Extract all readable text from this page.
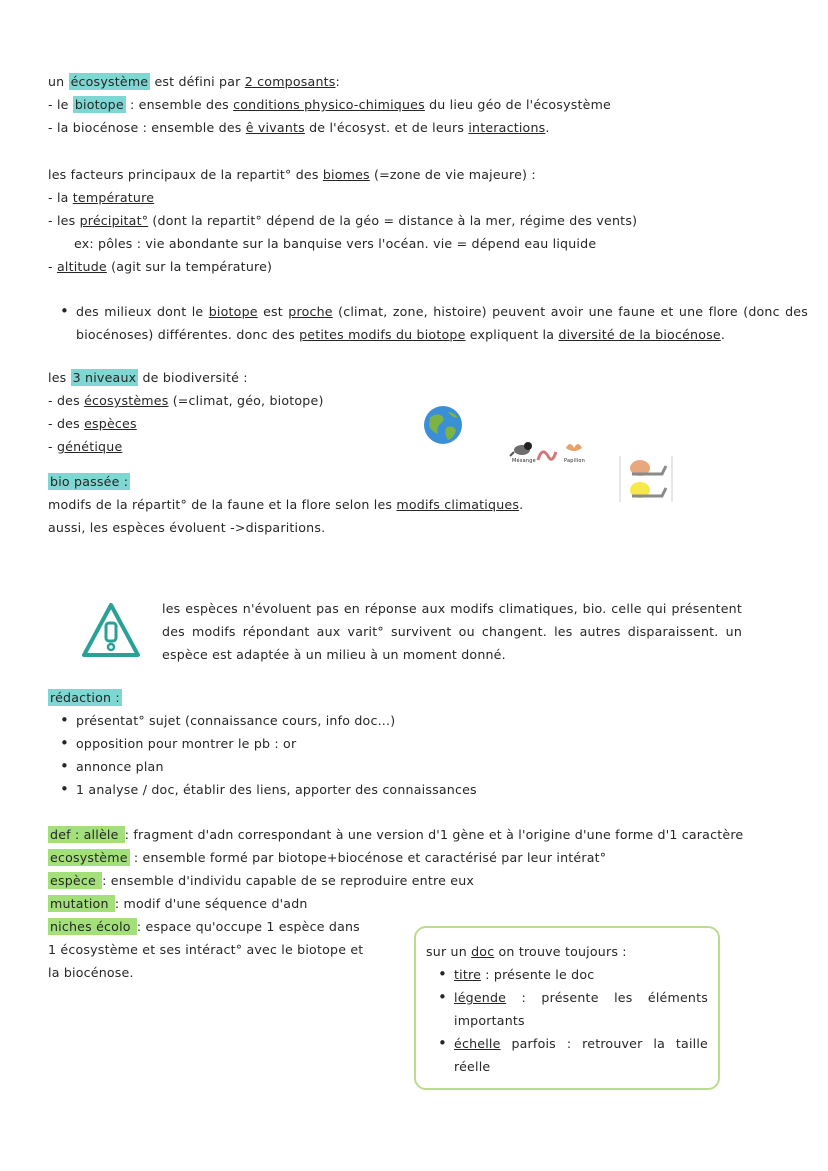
un écosystème est défini par 2 composants:
- le biotope : ensemble des conditions physico-chimiques du lieu géo de l'écosystème
- la biocénose : ensemble des ê vivants de l'écosyst. et de leurs interactions.
les facteurs principaux de la repartit° des biomes (=zone de vie majeure) :
- la température
- les précipitat° (dont la repartit° dépend de la géo = distance à la mer, régime des vents)
ex: pôles : vie abondante sur la banquise vers l'océan. vie = dépend eau liquide
- altitude (agit sur la température)
• des milieux dont le biotope est proche (climat, zone, histoire) peuvent avoir une faune et une flore (donc des biocénoses) différentes. donc des petites modifs du biotope expliquent la diversité de la biocénose.
les 3 niveaux de biodiversité :
- des écosystèmes (=climat, géo, biotope)
- des espèces
- génétique
bio passée :
modifs de la répartit° de la faune et la flore selon les modifs climatiques.
aussi, les espèces évoluent ->disparitions.
Mésange	Papillon
les espèces n'évoluent pas en réponse aux modifs climatiques, bio. celle qui présentent des modifs répondant aux varit° survivent ou changent. les autres disparaissent. un espèce est adaptée à un milieu à un moment donné.
rédaction :
• présentat° sujet (connaissance cours, info doc...)
• opposition pour montrer le pb : or
• annonce plan
• 1 analyse / doc, établir des liens, apporter des connaissances
def : allèle : fragment d'adn correspondant à une version d'1 gène et à l'origine d'une forme d'1 caractère
ecosystème : ensemble formé par biotope+biocénose et caractérisé par leur intérat°
espèce : ensemble d'individu capable de se reproduire entre eux
mutation : modif d'une séquence d'adn
niches écolo : espace qu'occupe 1 espèce dans
1 écosystème et ses intéract° avec le biotope et
la biocénose.
sur un doc on trouve toujours :
• titre : présente le doc
• légende : présente les éléments importants
• échelle parfois : retrouver la taille réelle
